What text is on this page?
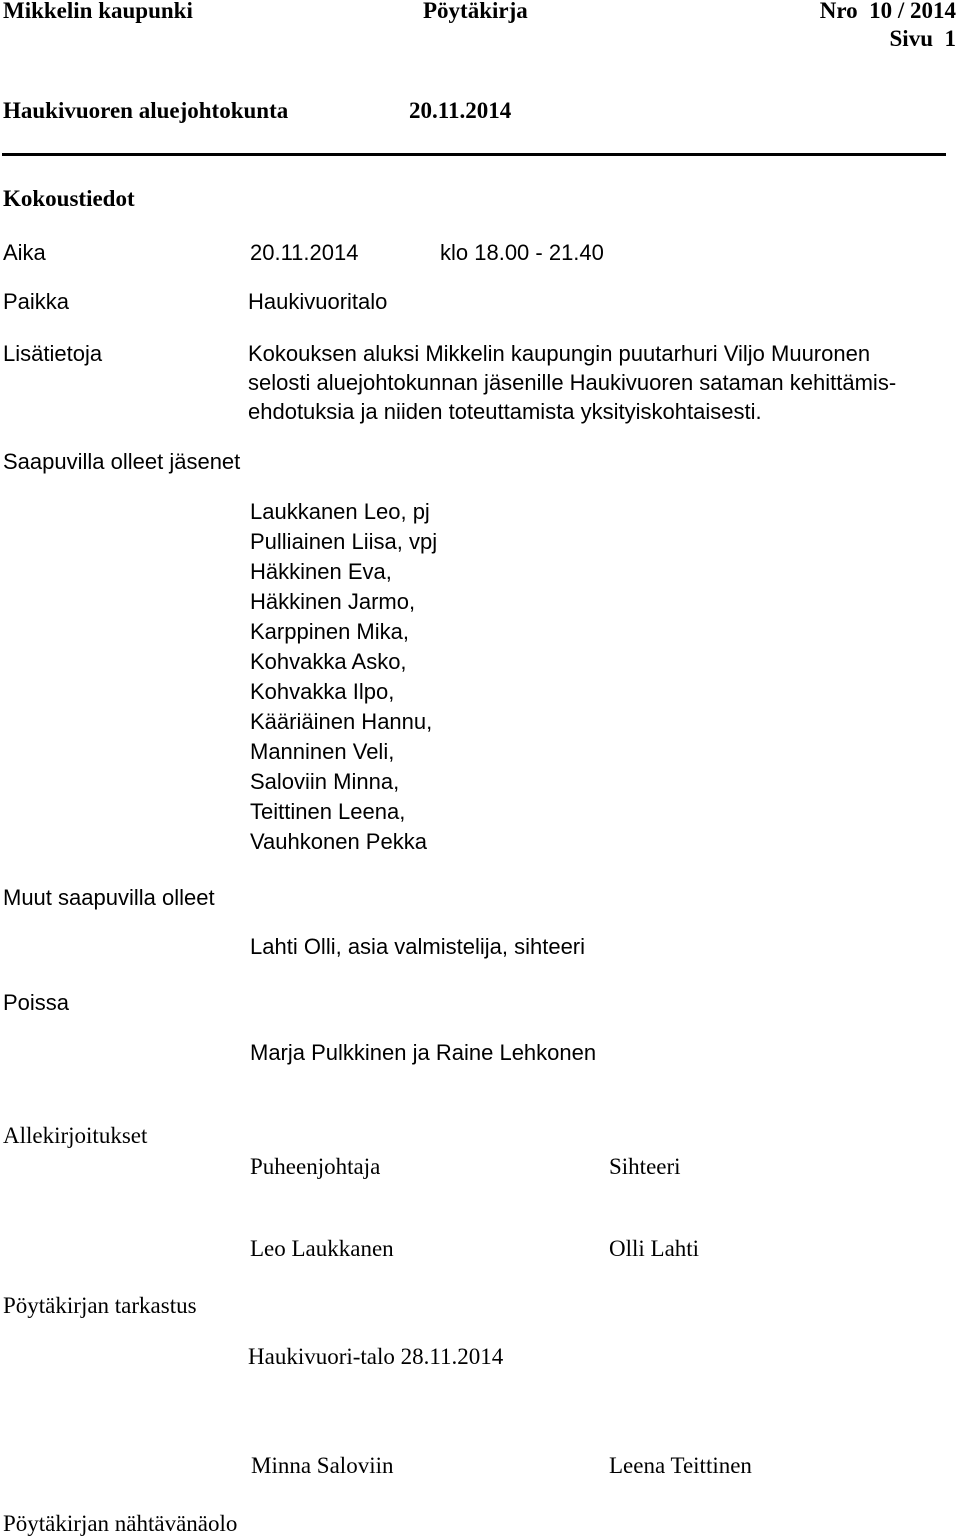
Mikkelin kaupunki	Pöytäkirja	Nro  10 / 2014
Sivu  1
Haukivuoren aluejohtokunta	20.11.2014
Kokoustiedot
Aika	20.11.2014	klo 18.00 - 21.40
Paikka	Haukivuoritalo
Lisätietoja	Kokouksen aluksi Mikkelin kaupungin puutarhuri Viljo Muuronen
selosti aluejohtokunnan jäsenille Haukivuoren sataman kehittämis-
ehdotuksia ja niiden toteuttamista yksityiskohtaisesti.
Saapuvilla olleet jäsenet
Laukkanen Leo, pj
Pulliainen Liisa, vpj
Häkkinen Eva,
Häkkinen Jarmo,
Karppinen Mika,
Kohvakka Asko,
Kohvakka Ilpo,
Kääriäinen Hannu,
Manninen Veli,
Saloviin Minna,
Teittinen Leena,
Vauhkonen Pekka
Muut saapuvilla olleet
Lahti Olli, asia valmistelija, sihteeri
Poissa
Marja Pulkkinen ja Raine Lehkonen
Allekirjoitukset
Puheenjohtaja	Sihteeri
Leo Laukkanen	Olli Lahti
Pöytäkirjan tarkastus
Haukivuori-talo 28.11.2014
Minna Saloviin	Leena Teittinen
Pöytäkirjan nähtävänäolo
